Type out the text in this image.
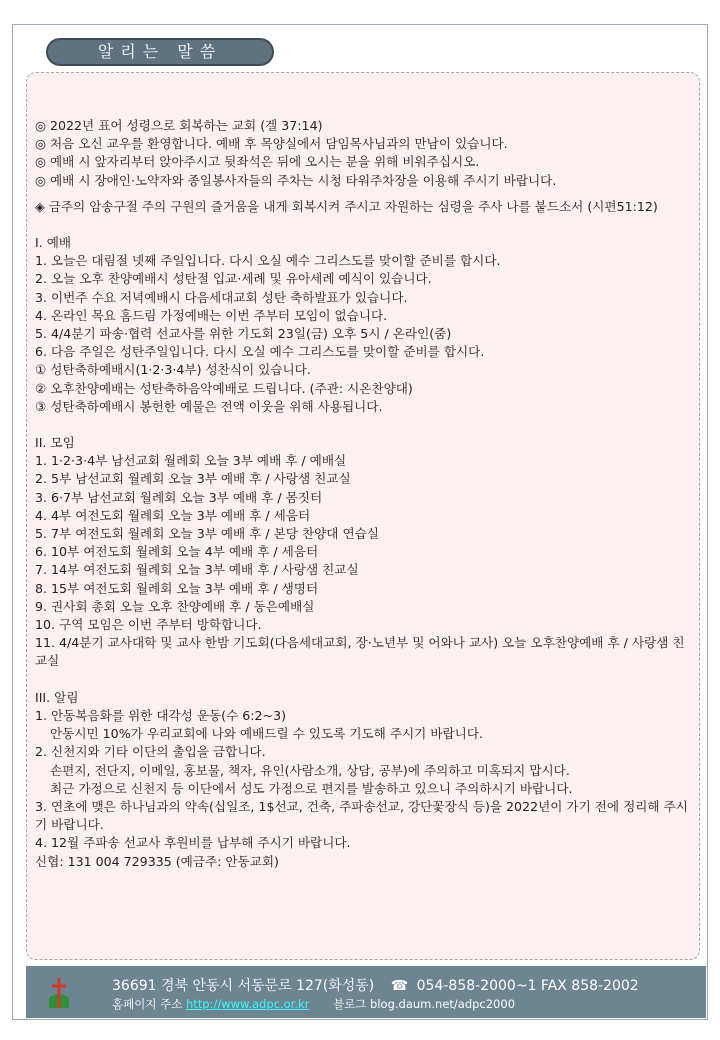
알리는 말씀
◎ 2022년 표어 성령으로 회복하는 교회 (겔 37:14)
◎ 처음 오신 교우를 환영합니다. 예배 후 목양실에서 담임목사님과의 만남이 있습니다.
◎ 예배 시 앞자리부터 앉아주시고 뒷좌석은 뒤에 오시는 분을 위해 비워주십시오.
◎ 예배 시 장애인·노약자와 종일봉사자들의 주차는 시청 타워주차장을 이용해 주시기 바랍니다.
◈ 금주의 암송구절 주의 구원의 즐거움을 내게 회복시켜 주시고 자원하는 심령을 주사 나를 붙드소서 (시편51:12)
I. 예배
1. 오늘은 대림절 넷째 주일입니다. 다시 오실 예수 그리스도를 맞이할 준비를 합시다.
2. 오늘 오후 찬양예배시 성탄절 입교·세례 및 유아세례 예식이 있습니다.
3. 이번주 수요 저녁예배시 다음세대교회 성탄 축하발표가 있습니다.
4. 온라인 목요 홈드림 가정예배는 이번 주부터 모임이 없습니다.
5. 4/4분기 파송·협력 선교사를 위한 기도회 23일(금) 오후 5시 / 온라인(줌)
6. 다음 주일은 성탄주일입니다. 다시 오실 예수 그리스도를 맞이할 준비를 합시다.
① 성탄축하예배시(1·2·3·4부) 성찬식이 있습니다.
② 오후찬양예배는 성탄축하음악예배로 드립니다. (주관: 시온찬양대)
③ 성탄축하예배시 봉헌한 예물은 전액 이웃을 위해 사용됩니다.
II. 모임
1. 1·2·3·4부 남선교회 월례회 오늘 3부 예배 후 / 예배실
2. 5부 남선교회 월례회 오늘 3부 예배 후 / 사랑샘 친교실
3. 6·7부 남선교회 월례회 오늘 3부 예배 후 / 몸짓터
4. 4부 여전도회 월례회 오늘 3부 예배 후 / 세움터
5. 7부 여전도회 월례회 오늘 3부 예배 후 / 본당 찬양대 연습실
6. 10부 여전도회 월례회 오늘 4부 예배 후 / 세움터
7. 14부 여전도회 월례회 오늘 3부 예배 후 / 사랑샘 친교실
8. 15부 여전도회 월례회 오늘 3부 예배 후 / 생명터
9. 권사회 총회 오늘 오후 찬양예배 후 / 동은예배실
10. 구역 모임은 이번 주부터 방학합니다.
11. 4/4분기 교사대학 및 교사 한밤 기도회(다음세대교회, 장·노년부 및 어와나 교사) 오늘 오후찬양예배 후 / 사랑샘 친교실
III. 알림
1. 안동복음화를 위한 대각성 운동(수 6:2~3)
안동시민 10%가 우리교회에 나와 예배드릴 수 있도록 기도해 주시기 바랍니다.
2. 신천지와 기타 이단의 출입을 금합니다.
손편지, 전단지, 이메일, 홍보물, 책자, 유인(사람소개, 상담, 공부)에 주의하고 미혹되지 맙시다.
최근 가정으로 신천지 등 이단에서 성도 가정으로 편지를 발송하고 있으니 주의하시기 바랍니다.
3. 연초에 맺은 하나님과의 약속(십일조, 1$선교, 건축, 주파송선교, 강단꽃장식 등)을 2022년이 가기 전에 정리해 주시기 바랍니다.
4. 12월 주파송 선교사 후원비를 납부해 주시기 바랍니다.
신협: 131 004 729335 (예금주: 안동교회)
36691 경북 안동시 서동문로 127(화성동) ☎ 054-858-2000~1 FAX 858-2002
홈페이지 주소 http://www.adpc.or.kr 블로그 blog.daum.net/adpc2000
